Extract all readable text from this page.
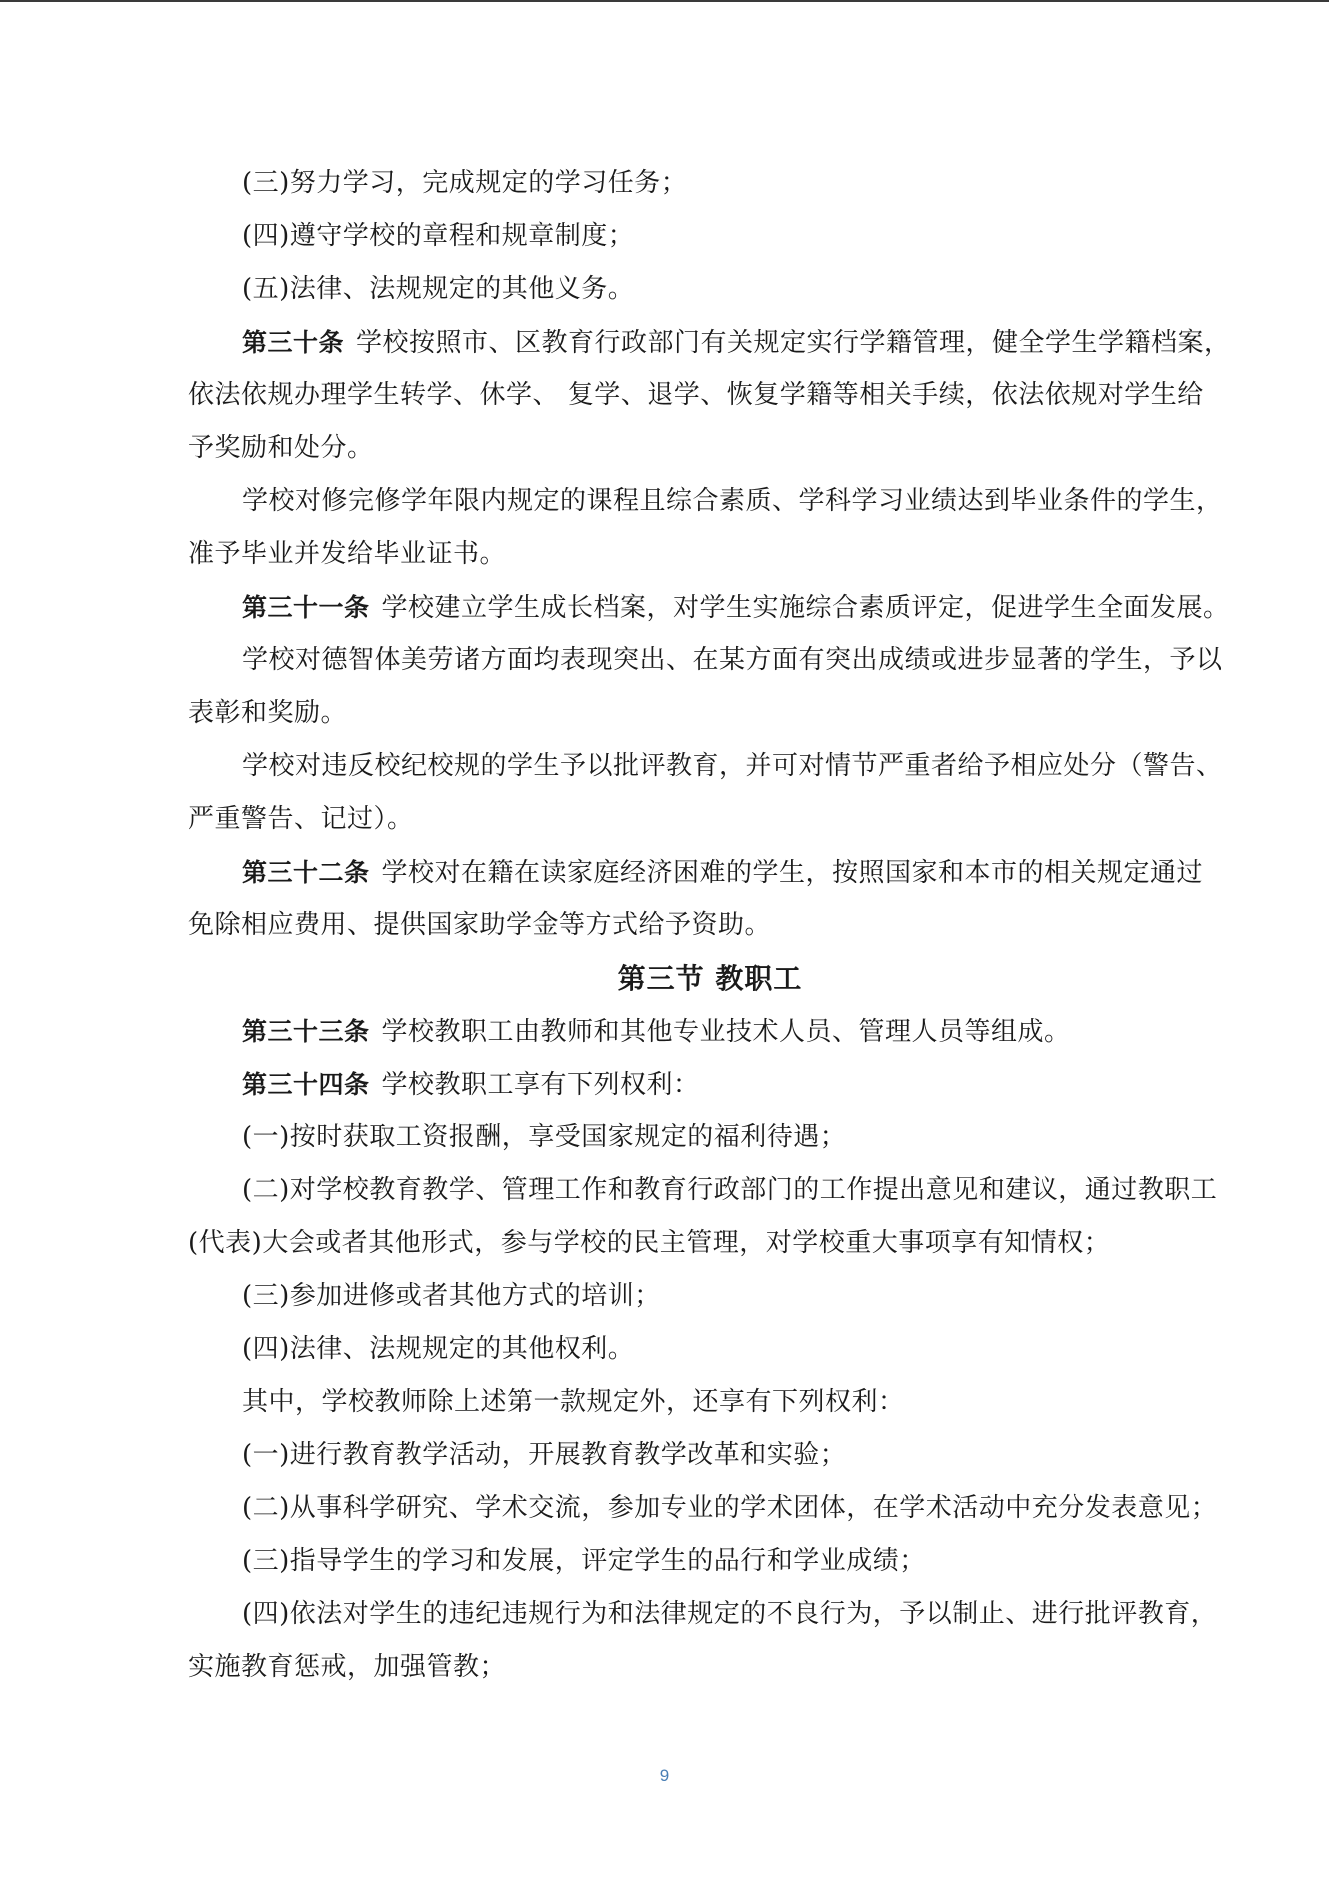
(三)努力学习，完成规定的学习任务；
(四)遵守学校的章程和规章制度；
(五)法律、法规规定的其他义务。
第三十条 学校按照市、区教育行政部门有关规定实行学籍管理，健全学生学籍档案，
依法依规办理学生转学、休学、 复学、退学、恢复学籍等相关手续，依法依规对学生给
予奖励和处分。
学校对修完修学年限内规定的课程且综合素质、学科学习业绩达到毕业条件的学生，
准予毕业并发给毕业证书。
第三十一条 学校建立学生成长档案，对学生实施综合素质评定，促进学生全面发展。
学校对德智体美劳诸方面均表现突出、在某方面有突出成绩或进步显著的学生，予以
表彰和奖励。
学校对违反校纪校规的学生予以批评教育，并可对情节严重者给予相应处分（警告、
严重警告、记过）。
第三十二条 学校对在籍在读家庭经济困难的学生，按照国家和本市的相关规定通过
免除相应费用、提供国家助学金等方式给予资助。
第三节 教职工
第三十三条 学校教职工由教师和其他专业技术人员、管理人员等组成。
第三十四条 学校教职工享有下列权利：
(一)按时获取工资报酬，享受国家规定的福利待遇；
(二)对学校教育教学、管理工作和教育行政部门的工作提出意见和建议，通过教职工
(代表)大会或者其他形式，参与学校的民主管理，对学校重大事项享有知情权；
(三)参加进修或者其他方式的培训；
(四)法律、法规规定的其他权利。
其中，学校教师除上述第一款规定外，还享有下列权利：
(一)进行教育教学活动，开展教育教学改革和实验；
(二)从事科学研究、学术交流，参加专业的学术团体，在学术活动中充分发表意见；
(三)指导学生的学习和发展，评定学生的品行和学业成绩；
(四)依法对学生的违纪违规行为和法律规定的不良行为，予以制止、进行批评教育，
实施教育惩戒，加强管教；
9
